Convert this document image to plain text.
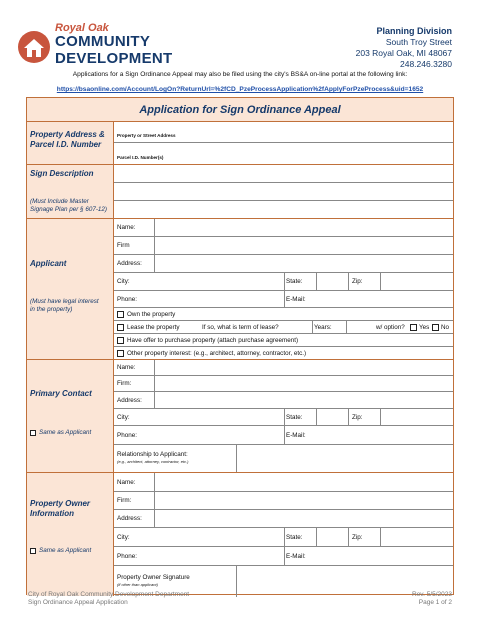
Royal Oak
COMMUNITY
DEVELOPMENT
Planning Division
South Troy Street
203 Royal Oak, MI 48067
248.246.3280
Applications for a Sign Ordinance Appeal may also be filed using the city's BS&A on-line portal at the following link:
https://bsaonline.com/Account/LogOn?ReturnUrl=%2fCD_PzeProcessApplication%2fApplyForPzeProcess&uid=1652
Application for Sign Ordinance Appeal
Property Address &
Parcel I.D. Number
Property or Street Address
Parcel I.D. Number(s)
Sign Description
(Must Include Master
Signage Plan per § 607-12)
Applicant
(Must have legal interest
in the property)
Name:
Firm
Address:
City:	State:	Zip:
Phone:	E-Mail:
Own the property
Lease the property	If so, what is term of lease?	Years:	w/ option? Yes No
Have offer to purchase property (attach purchase agreement)
Other property interest: (e.g., architect, attorney, contractor, etc.)
Primary Contact
Same as Applicant
Name:
Firm:
Address:
City:	State:	Zip:
Phone:	E-Mail:
Relationship to Applicant:
(e.g., architect, attorney, contractor, etc.)
Property Owner
Information
Same as Applicant
Name:
Firm:
Address:
City:	State:	Zip:
Phone:	E-Mail:
Property Owner Signature
(if other than applicant)
City of Royal Oak Community Development Department
Sign Ordinance Appeal Application
Rev. 5/5/2023
Page 1 of 2
